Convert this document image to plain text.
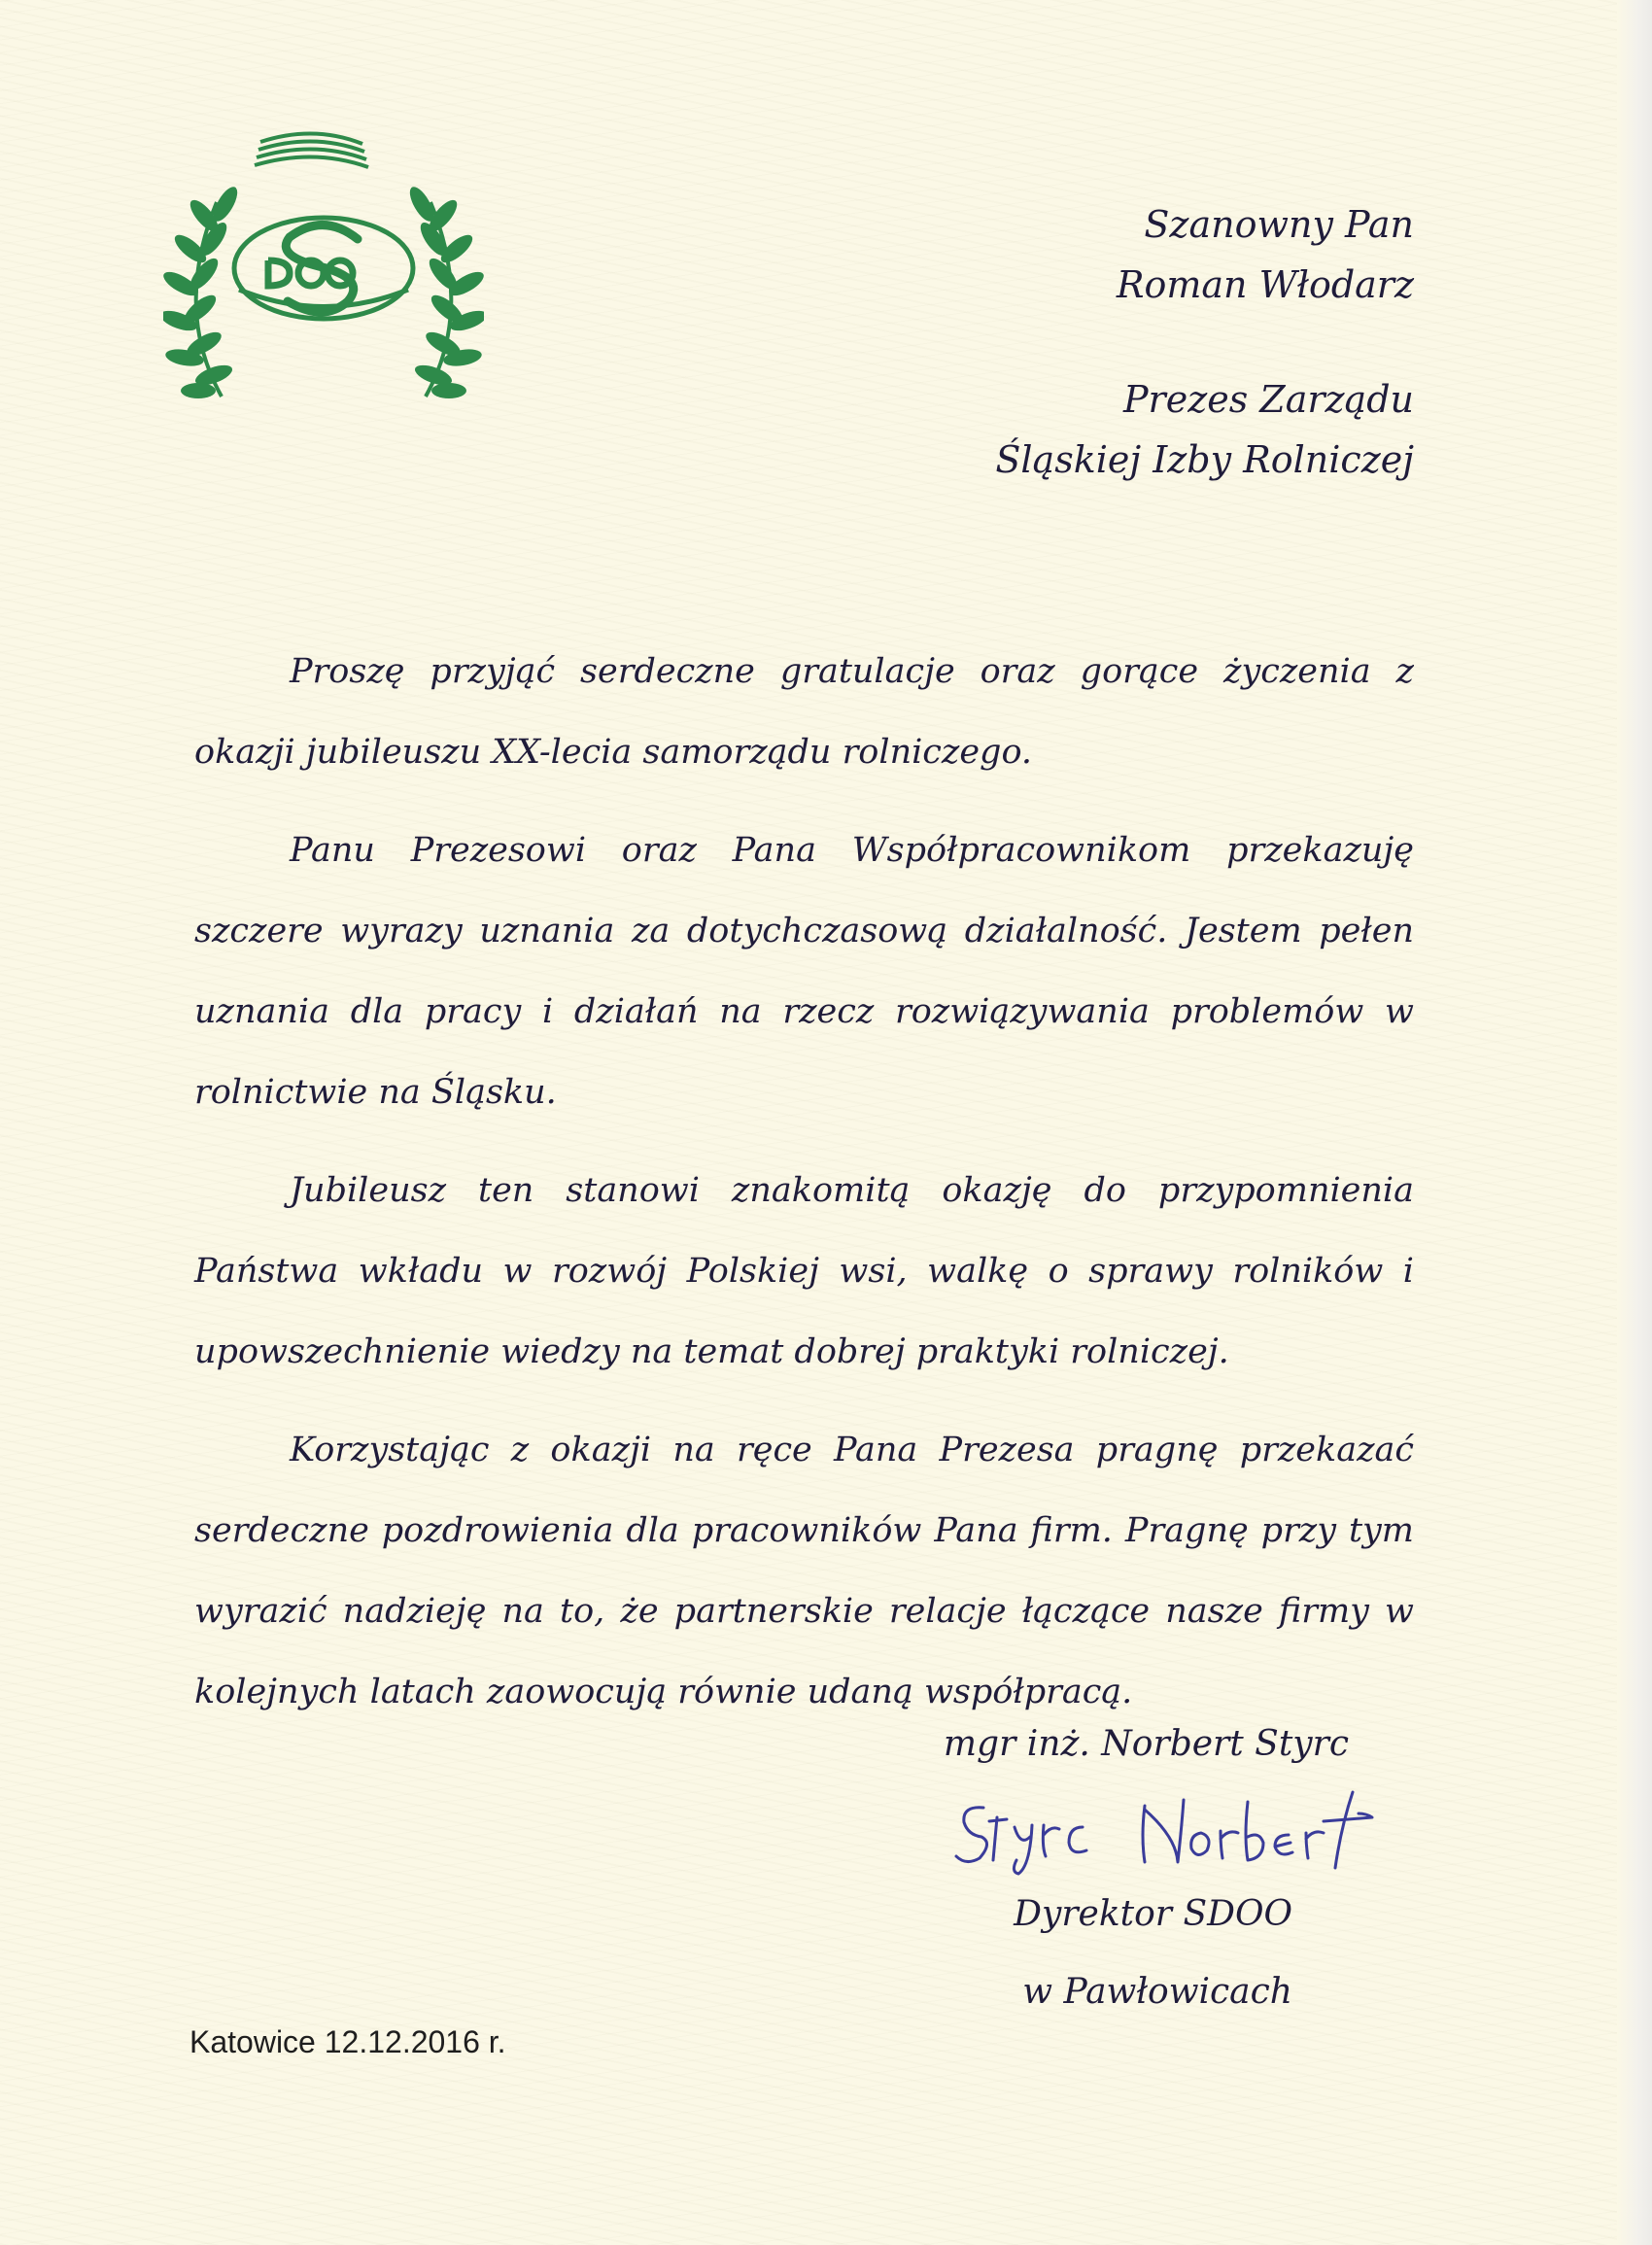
Szanowny Pan
Roman Włodarz
Prezes Zarządu
Śląskiej Izby Rolniczej

Proszę przyjąć serdeczne gratulacje oraz gorące życzenia z okazji jubileuszu XX-lecia samorządu rolniczego.

Panu Prezesowi oraz Pana Współpracownikom przekazuję szczere wyrazy uznania za dotychczasową działalność. Jestem pełen uznania dla pracy i działań na rzecz rozwiązywania problemów w rolnictwie na Śląsku.

Jubileusz ten stanowi znakomitą okazję do przypomnienia Państwa wkładu w rozwój Polskiej wsi, walkę o sprawy rolników i upowszechnienie wiedzy na temat dobrej praktyki rolniczej.

Korzystając z okazji na ręce Pana Prezesa pragnę przekazać serdeczne pozdrowienia dla pracowników Pana firm. Pragnę przy tym wyrazić nadzieję na to, że partnerskie relacje łączące nasze firmy w kolejnych latach zaowocują równie udaną współpracą.

mgr inż. Norbert Styrc
Dyrektor SDOO
w Pawłowicach
Katowice 12.12.2016 r.
